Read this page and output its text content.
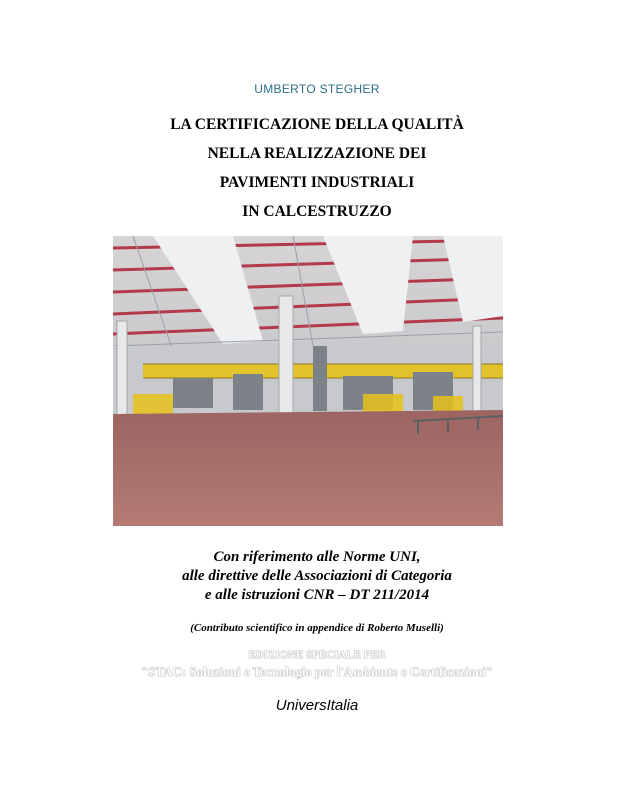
UMBERTO STEGHER
LA CERTIFICAZIONE DELLA QUALITÀ
NELLA REALIZZAZIONE DEI
PAVIMENTI INDUSTRIALI
IN CALCESTRUZZO
Con riferimento alle Norme UNI,
alle direttive delle Associazioni di Categoria
e alle istruzioni CNR – DT 211/2014
(Contributo scientifico in appendice di Roberto Muselli)
EDIZIONE SPECIALE PER
"STAC: Soluzioni e Tecnologie per l'Ambiente e Certificazioni"
UniversItalia
